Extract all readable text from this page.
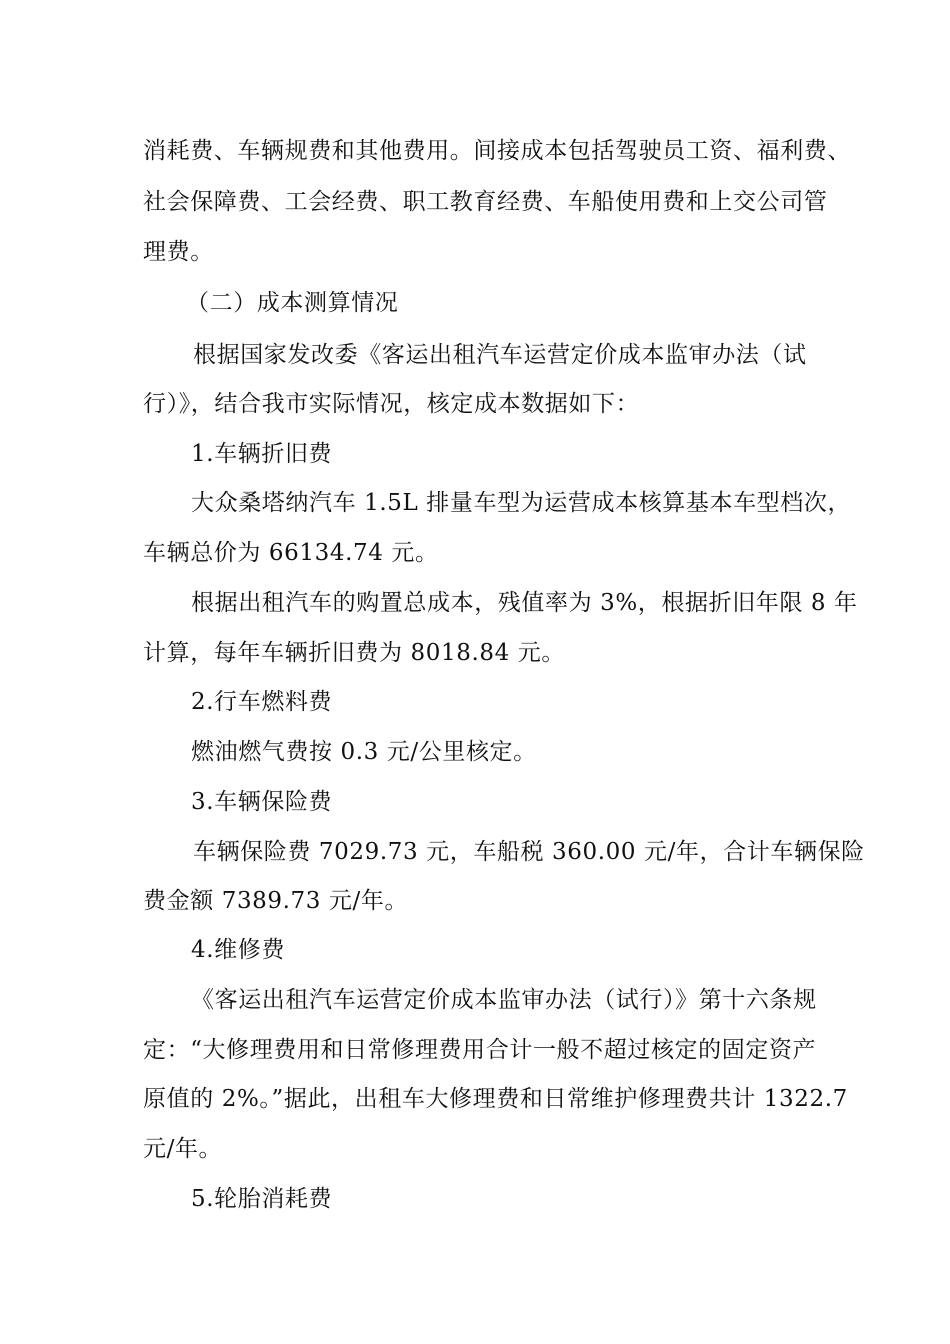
消耗费、车辆规费和其他费用。间接成本包括驾驶员工资、福利费、
社会保障费、工会经费、职工教育经费、车船使用费和上交公司管
理费。
（二）成本测算情况
根据国家发改委《客运出租汽车运营定价成本监审办法（试
行）》，结合我市实际情况，核定成本数据如下：
1.车辆折旧费
大众桑塔纳汽车 1.5L 排量车型为运营成本核算基本车型档次，
车辆总价为 66134.74 元。
根据出租汽车的购置总成本，残值率为 3%，根据折旧年限 8 年
计算，每年车辆折旧费为 8018.84 元。
2.行车燃料费
燃油燃气费按 0.3 元/公里核定。
3.车辆保险费
车辆保险费 7029.73 元，车船税 360.00 元/年，合计车辆保险
费金额 7389.73 元/年。
4.维修费
《客运出租汽车运营定价成本监审办法（试行）》第十六条规
定：“大修理费用和日常修理费用合计一般不超过核定的固定资产
原值的 2%。”据此，出租车大修理费和日常维护修理费共计 1322.7
元/年。
5.轮胎消耗费
